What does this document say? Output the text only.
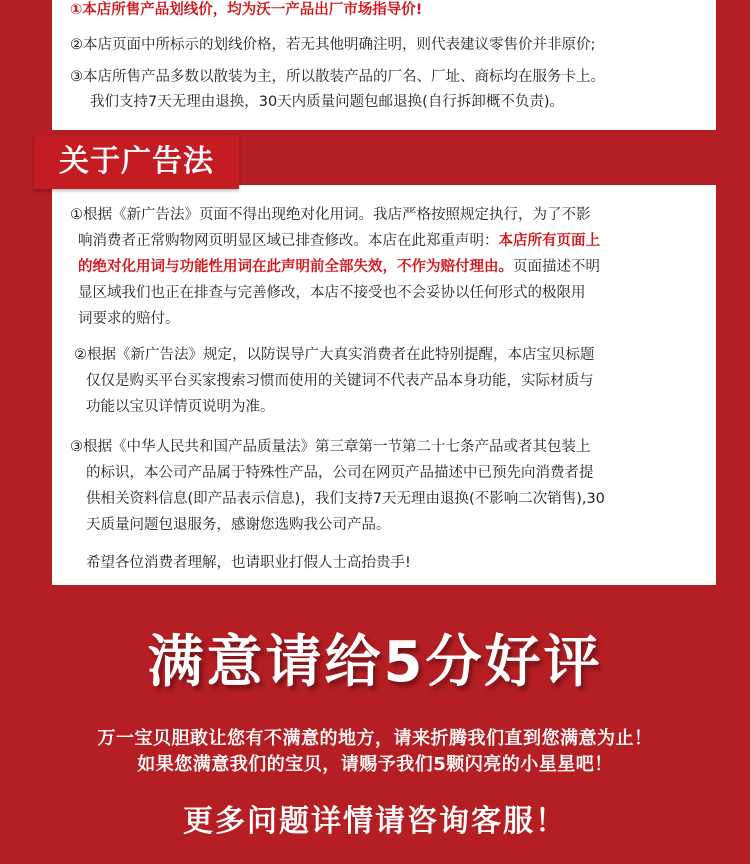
①本店所售产品划线价，均为沃一产品出厂市场指导价!
②本店页面中所标示的划线价格，若无其他明确注明，则代表建议零售价并非原价;
③本店所售产品多数以散装为主，所以散装产品的厂名、厂址、商标均在服务卡上。
我们支持7天无理由退换，30天内质量问题包邮退换(自行拆卸概不负责)。
①根据《新广告法》页面不得出现绝对化用词。我店严格按照规定执行，为了不影
响消费者正常购物网页明显区域已排查修改。本店在此郑重声明：本店所有页面上
的绝对化用词与功能性用词在此声明前全部失效，不作为赔付理由。页面描述不明
显区域我们也正在排查与完善修改，本店不接受也不会妥协以任何形式的极限用
词要求的赔付。
②根据《新广告法》规定，以防误导广大真实消费者在此特别提醒，本店宝贝标题
仅仅是购买平台买家搜索习惯而使用的关键词不代表产品本身功能，实际材质与
功能以宝贝详情页说明为准。
③根据《中华人民共和国产品质量法》第三章第一节第二十七条产品或者其包装上
的标识，本公司产品属于特殊性产品，公司在网页产品描述中已预先向消费者提
供相关资料信息(即产品表示信息)，我们支持7天无理由退换(不影响二次销售),30
天质量问题包退服务，感谢您选购我公司产品。
希望各位消费者理解，也请职业打假人士高抬贵手!
关于广告法
满意请给5分好评
万一宝贝胆敢让您有不满意的地方，请来折腾我们直到您满意为止！
如果您满意我们的宝贝，请赐予我们5颗闪亮的小星星吧！
更多问题详情请咨询客服！
